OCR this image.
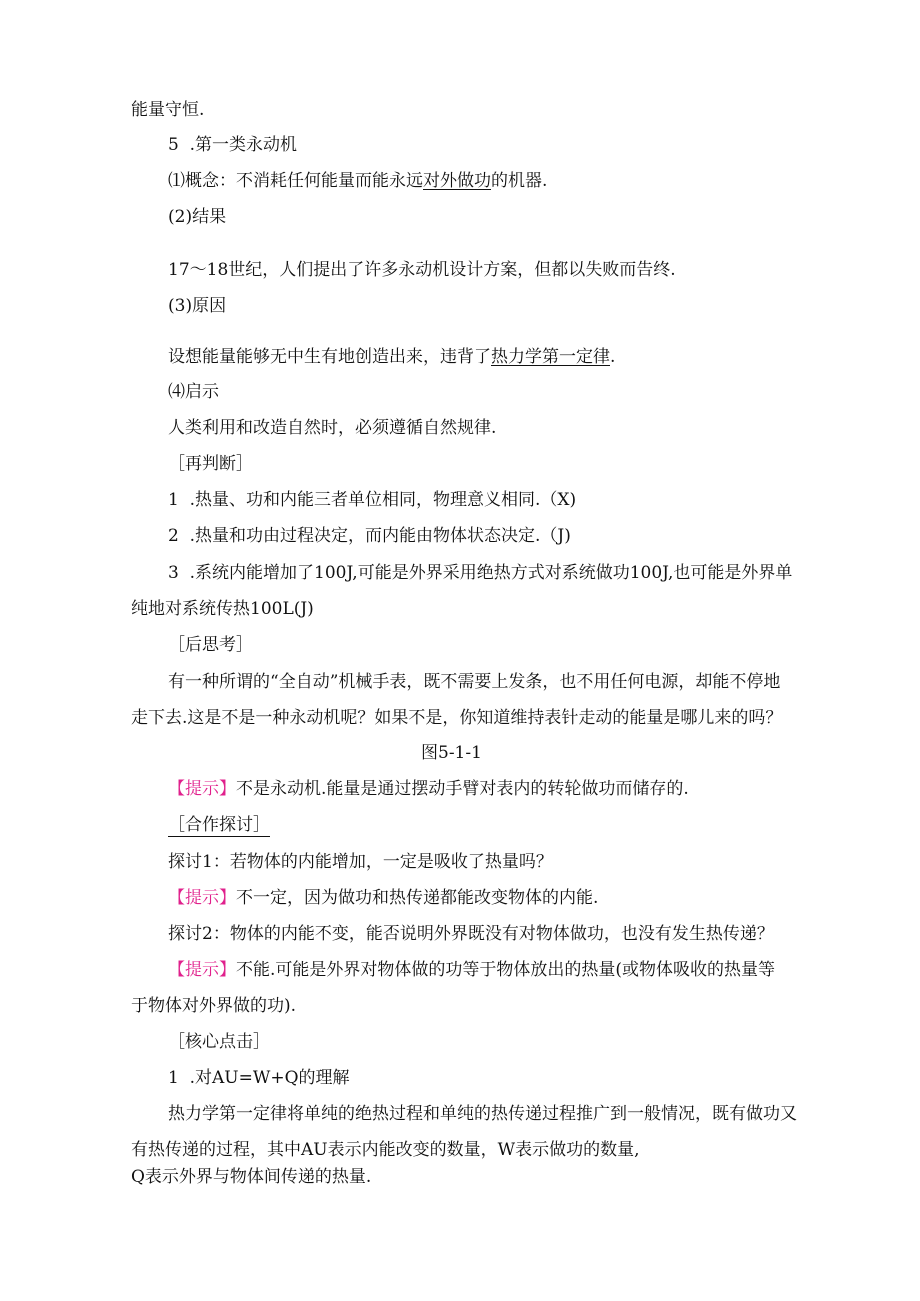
能量守恒.
5  .第一类永动机
⑴概念：不消耗任何能量而能永远对外做功的机器.
(2)结果
17～18世纪，人们提出了许多永动机设计方案，但都以失败而告终.
(3)原因
设想能量能够无中生有地创造出来，违背了热力学第一定律.
⑷启示
人类利用和改造自然时，必须遵循自然规律.
［再判断］
1  .热量、功和内能三者单位相同，物理意义相同.（X)
2  .热量和功由过程决定，而内能由物体状态决定.（J)
3  .系统内能增加了100J,可能是外界采用绝热方式对系统做功100J,也可能是外界单
纯地对系统传热100L(J)
［后思考］
有一种所谓的“全自动”机械手表，既不需要上发条，也不用任何电源，却能不停地
走下去.这是不是一种永动机呢？如果不是，你知道维持表针走动的能量是哪儿来的吗？
图5-1-1
【提示】不是永动机.能量是通过摆动手臂对表内的转轮做功而储存的.
［合作探讨］
探讨1：若物体的内能增加，一定是吸收了热量吗？
【提示】不一定，因为做功和热传递都能改变物体的内能.
探讨2：物体的内能不变，能否说明外界既没有对物体做功，也没有发生热传递？
【提示】不能.可能是外界对物体做的功等于物体放出的热量(或物体吸收的热量等
于物体对外界做的功).
［核心点击］
1  .对AU=W+Q的理解
热力学第一定律将单纯的绝热过程和单纯的热传递过程推广到一般情况，既有做功又
有热传递的过程，其中AU表示内能改变的数量，W表示做功的数量,
Q表示外界与物体间传递的热量.
